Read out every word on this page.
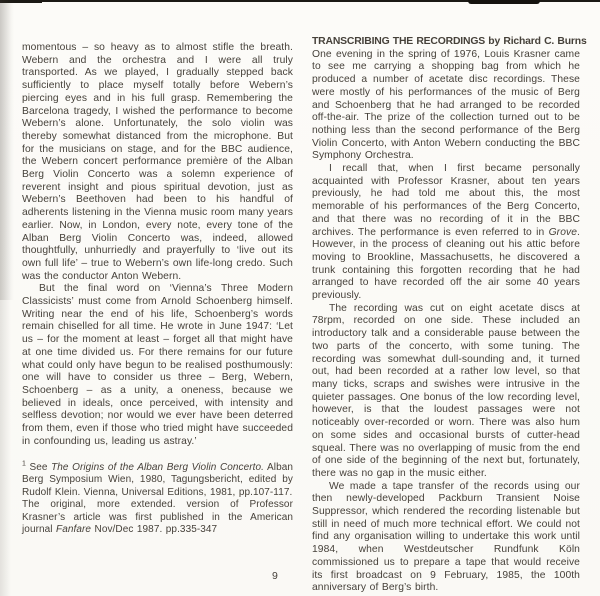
momentous – so heavy as to almost stifle the breath. Webern and the orchestra and I were all truly transported. As we played, I gradually stepped back sufficiently to place myself totally before Webern’s piercing eyes and in his full grasp. Remembering the Barcelona tragedy, I wished the performance to become Webern’s alone. Unfortunately, the solo violin was thereby somewhat distanced from the microphone. But for the musicians on stage, and for the BBC audience, the Webern concert performance première of the Alban Berg Violin Concerto was a solemn experience of reverent insight and pious spiritual devotion, just as Webern’s Beethoven had been to his handful of adherents listening in the Vienna music room many years earlier. Now, in London, every note, every tone of the Alban Berg Violin Concerto was, indeed, allowed thoughtfully, unhurriedly and prayerfully to ‘live out its own full life’ – true to Webern’s own life-long credo. Such was the conductor Anton Webern.

But the final word on ‘Vienna’s Three Modern Classicists’ must come from Arnold Schoenberg himself. Writing near the end of his life, Schoenberg’s words remain chiselled for all time. He wrote in June 1947: ‘Let us – for the moment at least – forget all that might have at one time divided us. For there remains for our future what could only have begun to be realised posthumously: one will have to consider us three – Berg, Webern, Schoenberg – as a unity, a oneness, because we believed in ideals, once perceived, with intensity and selfless devotion; nor would we ever have been deterred from them, even if those who tried might have succeeded in confounding us, leading us astray.’

$^1$ See The Origins of the Alban Berg Violin Concerto. Alban Berg Symposium Wien, 1980, Tagungsbericht, edited by Rudolf Klein. Vienna, Universal Editions, 1981, pp.107-117.

The original, more extended. version of Professor Krasner’s article was first published in the American journal Fanfare Nov/Dec 1987. pp.335-347

TRANSCRIBING THE RECORDINGS by Richard C. Burns

One evening in the spring of 1976, Louis Krasner came to see me carrying a shopping bag from which he produced a number of acetate disc recordings. These were mostly of his performances of the music of Berg and Schoenberg that he had arranged to be recorded off-the-air. The prize of the collection turned out to be nothing less than the second performance of the Berg Violin Concerto, with Anton Webern conducting the BBC Symphony Orchestra.

I recall that, when I first became personally acquainted with Professor Krasner, about ten years previously, he had told me about this, the most memorable of his performances of the Berg Concerto, and that there was no recording of it in the BBC archives. The performance is even referred to in Grove. However, in the process of cleaning out his attic before moving to Brookline, Massachusetts, he discovered a trunk containing this forgotten recording that he had arranged to have recorded off the air some 40 years previously.

The recording was cut on eight acetate discs at 78rpm, recorded on one side. These included an introductory talk and a considerable pause between the two parts of the concerto, with some tuning. The recording was somewhat dull-sounding and, it turned out, had been recorded at a rather low level, so that many ticks, scraps and swishes were intrusive in the quieter passages. One bonus of the low recording level, however, is that the loudest passages were not noticeably over-recorded or worn. There was also hum on some sides and occasional bursts of cutter-head squeal. There was no overlapping of music from the end of one side of the beginning of the next but, fortunately, there was no gap in the music either.

We made a tape transfer of the records using our then newly-developed Packburn Transient Noise Suppressor, which rendered the recording listenable but still in need of much more technical effort. We could not find any organisation willing to undertake this work until 1984, when Westdeutscher Rundfunk Köln commissioned us to prepare a tape that would receive its first broadcast on 9 February, 1985, the 100th anniversary of Berg’s birth.

9
